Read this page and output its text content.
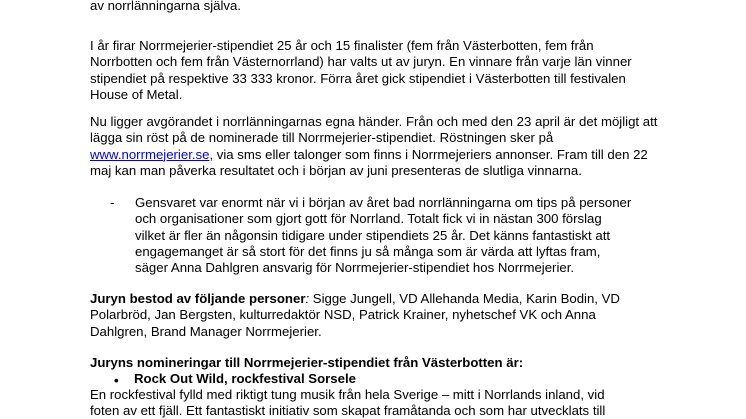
av norrlänningarna själva.
I år firar Norrmejerier-stipendiet 25 år och 15 finalister (fem från Västerbotten, fem från
Norrbotten och fem från Västernorrland) har valts ut av juryn. En vinnare från varje län vinner
stipendiet på respektive 33 333 kronor. Förra året gick stipendiet i Västerbotten till festivalen
House of Metal.
Nu ligger avgörandet i norrlänningarnas egna händer. Från och med den 23 april är det möjligt att
lägga sin röst på de nominerade till Norrmejerier-stipendiet. Röstningen sker på
www.norrmejerier.se, via sms eller talonger som finns i Norrmejeriers annonser. Fram till den 22
maj kan man påverka resultatet och i början av juni presenteras de slutliga vinnarna.
- Gensvaret var enormt när vi i början av året bad norrlänningarna om tips på personer
och organisationer som gjort gott för Norrland. Totalt fick vi in nästan 300 förslag
vilket är fler än någonsin tidigare under stipendiets 25 år. Det känns fantastiskt att
engagemanget är så stort för det finns ju så många som är värda att lyftas fram,
säger Anna Dahlgren ansvarig för Norrmejerier-stipendiet hos Norrmejerier.
Juryn bestod av följande personer: Sigge Jungell, VD Allehanda Media, Karin Bodin, VD
Polarbröd, Jan Bergsten, kulturredaktör NSD, Patrick Krainer, nyhetschef VK och Anna
Dahlgren, Brand Manager Norrmejerier.
Juryns nomineringar till Norrmejerier-stipendiet från Västerbotten är:
• Rock Out Wild, rockfestival Sorsele
En rockfestival fylld med riktigt tung musik från hela Sverige – mitt i Norrlands inland, vid
foten av ett fjäll. Ett fantastiskt initiativ som skapat framåtanda och som har utvecklats till
